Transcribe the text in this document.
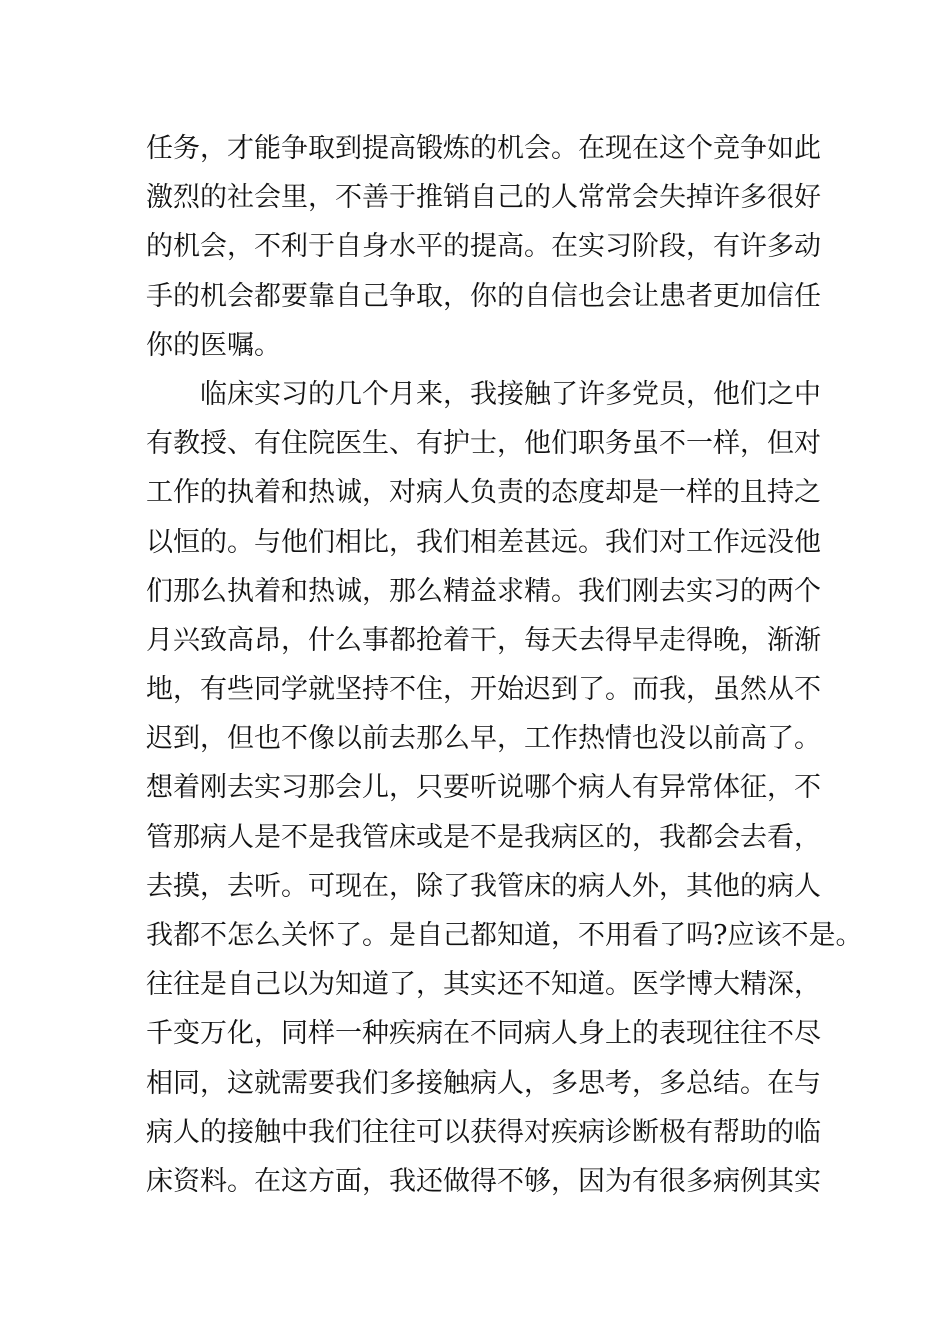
任务，才能争取到提高锻炼的机会。在现在这个竞争如此
激烈的社会里，不善于推销自己的人常常会失掉许多很好
的机会，不利于自身水平的提高。在实习阶段，有许多动
手的机会都要靠自己争取，你的自信也会让患者更加信任
你的医嘱。
临床实习的几个月来，我接触了许多党员，他们之中
有教授、有住院医生、有护士，他们职务虽不一样，但对
工作的执着和热诚，对病人负责的态度却是一样的且持之
以恒的。与他们相比，我们相差甚远。我们对工作远没他
们那么执着和热诚，那么精益求精。我们刚去实习的两个
月兴致高昂，什么事都抢着干，每天去得早走得晚，渐渐
地，有些同学就坚持不住，开始迟到了。而我，虽然从不
迟到，但也不像以前去那么早，工作热情也没以前高了。
想着刚去实习那会儿，只要听说哪个病人有异常体征，不
管那病人是不是我管床或是不是我病区的，我都会去看，
去摸，去听。可现在，除了我管床的病人外，其他的病人
我都不怎么关怀了。是自己都知道，不用看了吗?应该不是。
往往是自己以为知道了，其实还不知道。医学博大精深，
千变万化，同样一种疾病在不同病人身上的表现往往不尽
相同，这就需要我们多接触病人，多思考，多总结。在与
病人的接触中我们往往可以获得对疾病诊断极有帮助的临
床资料。在这方面，我还做得不够，因为有很多病例其实
